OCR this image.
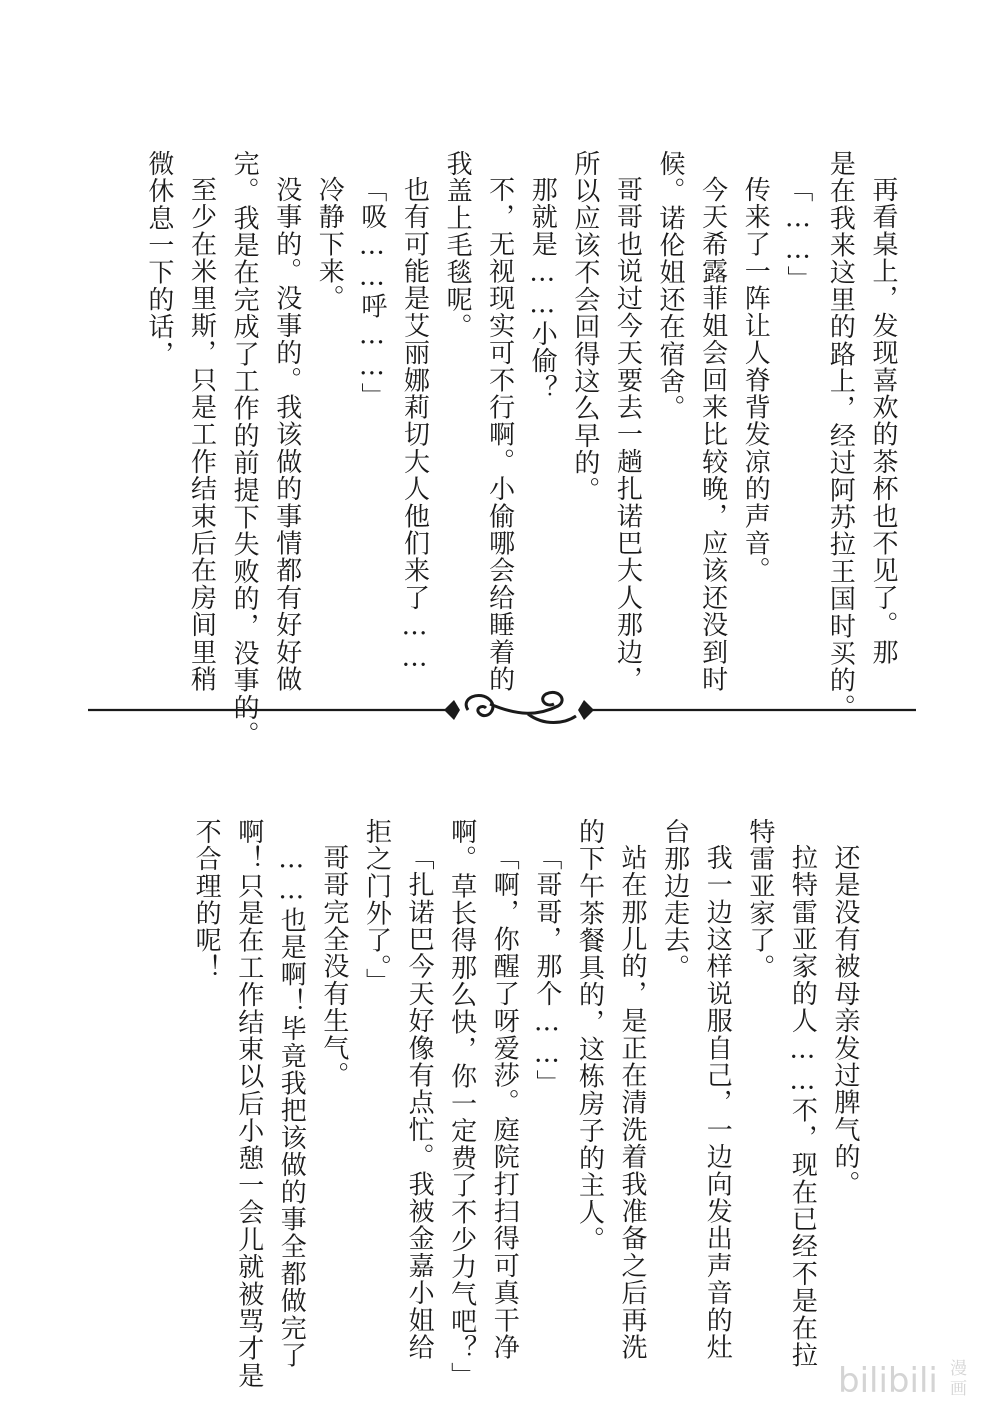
再看桌上，发现喜欢的茶杯也不见了。那

是在我来这里的路上，经过阿苏拉王国时买的。

「……」

传来了一阵让人脊背发凉的声音。

今天希露菲姐会回来比较晚，应该还没到时

候。诺伦姐还在宿舍。

哥哥也说过今天要去一趟扎诺巴大人那边，

所以应该不会回得这么早的。

那就是……小偷？

不，无视现实可不行啊。小偷哪会给睡着的

我盖上毛毯呢。

也有可能是艾丽娜莉切大人他们来了……

「吸……呼……」

冷静下来。

没事的。没事的。我该做的事情都有好好做

完。我是在完成了工作的前提下失败的，没事的。

至少在米里斯，只是工作结束后在房间里稍

微休息一下的话，

还是没有被母亲发过脾气的。

拉特雷亚家的人……不，现在已经不是在拉

特雷亚家了。

我一边这样说服自己，一边向发出声音的灶

台那边走去。

站在那儿的，是正在清洗着我准备之后再洗

的下午茶餐具的，这栋房子的主人。

「哥哥，那个……」

「啊，你醒了呀爱莎。庭院打扫得可真干净

啊。草长得那么快，你一定费了不少力气吧？」

「扎诺巴今天好像有点忙。我被金嘉小姐给

拒之门外了。」

哥哥完全没有生气。

……也是啊！毕竟我把该做的事全都做完了

啊！只是在工作结束以后小憩一会儿就被骂才是

不合理的呢！

bilibili 漫
画
